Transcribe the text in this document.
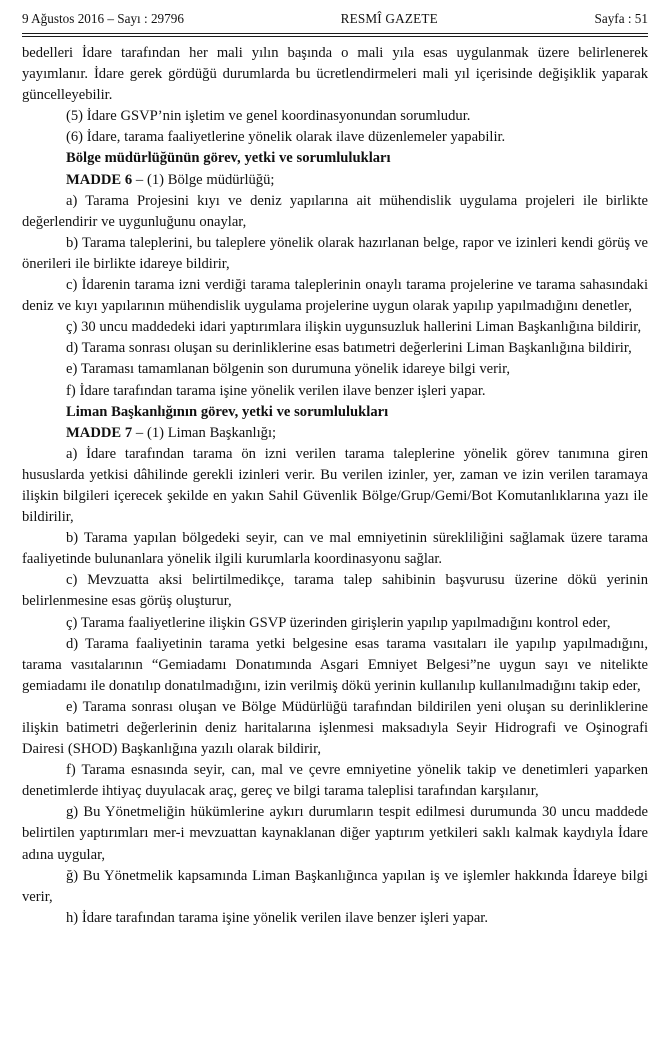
9 Ağustos 2016 – Sayı : 29796	RESMÎ GAZETE	Sayfa : 51

bedelleri İdare tarafından her mali yılın başında o mali yıla esas uygulanmak üzere belirlenerek yayımlanır. İdare gerek gördüğü durumlarda bu ücretlendirmeleri mali yıl içerisinde değişiklik yaparak güncelleyebilir.

(5) İdare GSVP’nin işletim ve genel koordinasyonundan sorumludur.

(6) İdare, tarama faaliyetlerine yönelik olarak ilave düzenlemeler yapabilir.

Bölge müdürlüğünün görev, yetki ve sorumlulukları

MADDE 6 – (1) Bölge müdürlüğü;

a) Tarama Projesini kıyı ve deniz yapılarına ait mühendislik uygulama projeleri ile birlikte değerlendirir ve uygunluğunu onaylar,

b) Tarama taleplerini, bu taleplere yönelik olarak hazırlanan belge, rapor ve izinleri kendi görüş ve önerileri ile birlikte idareye bildirir,

c) İdarenin tarama izni verdiği tarama taleplerinin onaylı tarama projelerine ve tarama sahasındaki deniz ve kıyı yapılarının mühendislik uygulama projelerine uygun olarak yapılıp yapılmadığını denetler,

ç) 30 uncu maddedeki idari yaptırımlara ilişkin uygunsuzluk hallerini Liman Başkanlığına bildirir,

d) Tarama sonrası oluşan su derinliklerine esas batımetri değerlerini Liman Başkanlığına bildirir,

e) Taraması tamamlanan bölgenin son durumuna yönelik idareye bilgi verir,

f) İdare tarafından tarama işine yönelik verilen ilave benzer işleri yapar.

Liman Başkanlığının görev, yetki ve sorumlulukları

MADDE 7 – (1) Liman Başkanlığı;

a) İdare tarafından tarama ön izni verilen tarama taleplerine yönelik görev tanımına giren hususlarda yetkisi dâhilinde gerekli izinleri verir. Bu verilen izinler, yer, zaman ve izin verilen taramaya ilişkin bilgileri içerecek şekilde en yakın Sahil Güvenlik Bölge/Grup/Gemi/Bot Komutanlıklarına yazı ile bildirilir,

b) Tarama yapılan bölgedeki seyir, can ve mal emniyetinin sürekliliğini sağlamak üzere tarama faaliyetinde bulunanlara yönelik ilgili kurumlarla koordinasyonu sağlar.

c) Mevzuatta aksi belirtilmedikçe, tarama talep sahibinin başvurusu üzerine dökü yerinin belirlenmesine esas görüş oluşturur,

ç) Tarama faaliyetlerine ilişkin GSVP üzerinden girişlerin yapılıp yapılmadığını kontrol eder,

d) Tarama faaliyetinin tarama yetki belgesine esas tarama vasıtaları ile yapılıp yapılmadığını, tarama vasıtalarının “Gemiadamı Donatımında Asgari Emniyet Belgesi”ne uygun sayı ve nitelikte gemiadamı ile donatılıp donatılmadığını, izin verilmiş dökü yerinin kullanılıp kullanılmadığını takip eder,

e) Tarama sonrası oluşan ve Bölge Müdürlüğü tarafından bildirilen yeni oluşan su derinliklerine ilişkin batimetri değerlerinin deniz haritalarına işlenmesi maksadıyla Seyir Hidrografi ve Oşinografi Dairesi (SHOD) Başkanlığına yazılı olarak bildirir,

f) Tarama esnasında seyir, can, mal ve çevre emniyetine yönelik takip ve denetimleri yaparken denetimlerde ihtiyaç duyulacak araç, gereç ve bilgi tarama taleplisi tarafından karşılanır,

g) Bu Yönetmeliğin hükümlerine aykırı durumların tespit edilmesi durumunda 30 uncu maddede belirtilen yaptırımları mer-i mevzuattan kaynaklanan diğer yaptırım yetkileri saklı kalmak kaydıyla İdare adına uygular,

ğ) Bu Yönetmelik kapsamında Liman Başkanlığınca yapılan iş ve işlemler hakkında İdareye bilgi verir,

h) İdare tarafından tarama işine yönelik verilen ilave benzer işleri yapar.
